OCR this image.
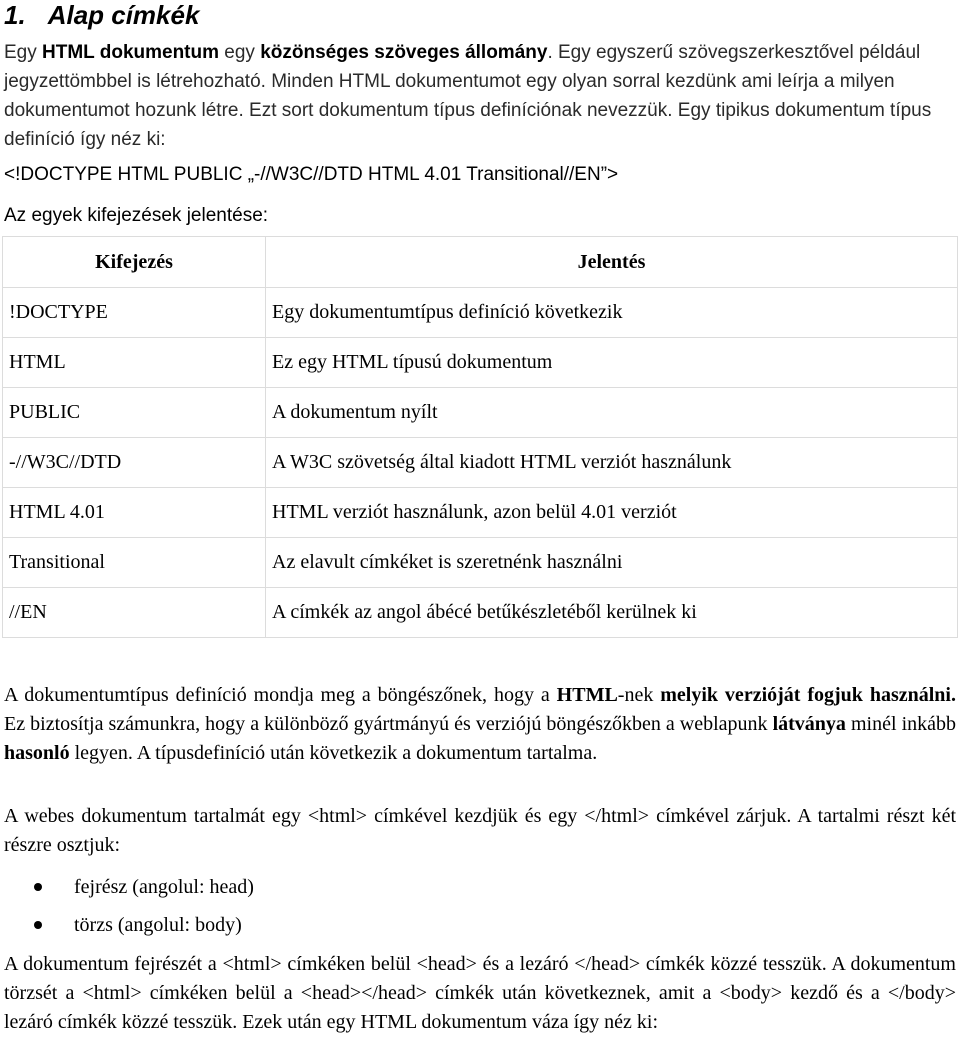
1. Alap címkék

Egy HTML dokumentum egy közönséges szöveges állomány. Egy egyszerű szövegszerkesztővel például jegyzettömbbel is létrehozható. Minden HTML dokumentumot egy olyan sorral kezdünk ami leírja a milyen dokumentumot hozunk létre. Ezt sort dokumentum típus definíciónak nevezzük. Egy tipikus dokumentum típus definíció így néz ki:

<!DOCTYPE HTML PUBLIC „-//W3C//DTD HTML 4.01 Transitional//EN”>
Az egyek kifejezések jelentése:
Kifejezés	Jelentés
!DOCTYPE	Egy dokumentumtípus definíció következik
HTML	Ez egy HTML típusú dokumentum
PUBLIC	A dokumentum nyílt
-//W3C//DTD	A W3C szövetség által kiadott HTML verziót használunk
HTML 4.01	HTML verziót használunk, azon belül 4.01 verziót
Transitional	Az elavult címkéket is szeretnénk használni
//EN	A címkék az angol ábécé betűkészletéből kerülnek ki

A dokumentumtípus definíció mondja meg a böngészőnek, hogy a HTML-nek melyik verzióját fogjuk használni. Ez biztosítja számunkra, hogy a különböző gyártmányú és verziójú böngészőkben a weblapunk látványa minél inkább hasonló legyen. A típusdefiníció után következik a dokumentum tartalma.

A webes dokumentum tartalmát egy <html> címkével kezdjük és egy </html> címkével zárjuk. A tartalmi részt két részre osztjuk:

fejrész (angolul: head)
törzs (angolul: body)

A dokumentum fejrészét a <html> címkéken belül <head> és a lezáró </head> címkék közzé tesszük. A dokumentum törzsét a <html> címkéken belül a <head></head> címkék után következnek, amit a <body> kezdő és a </body> lezáró címkék közzé tesszük. Ezek után egy HTML dokumentum váza így néz ki:
